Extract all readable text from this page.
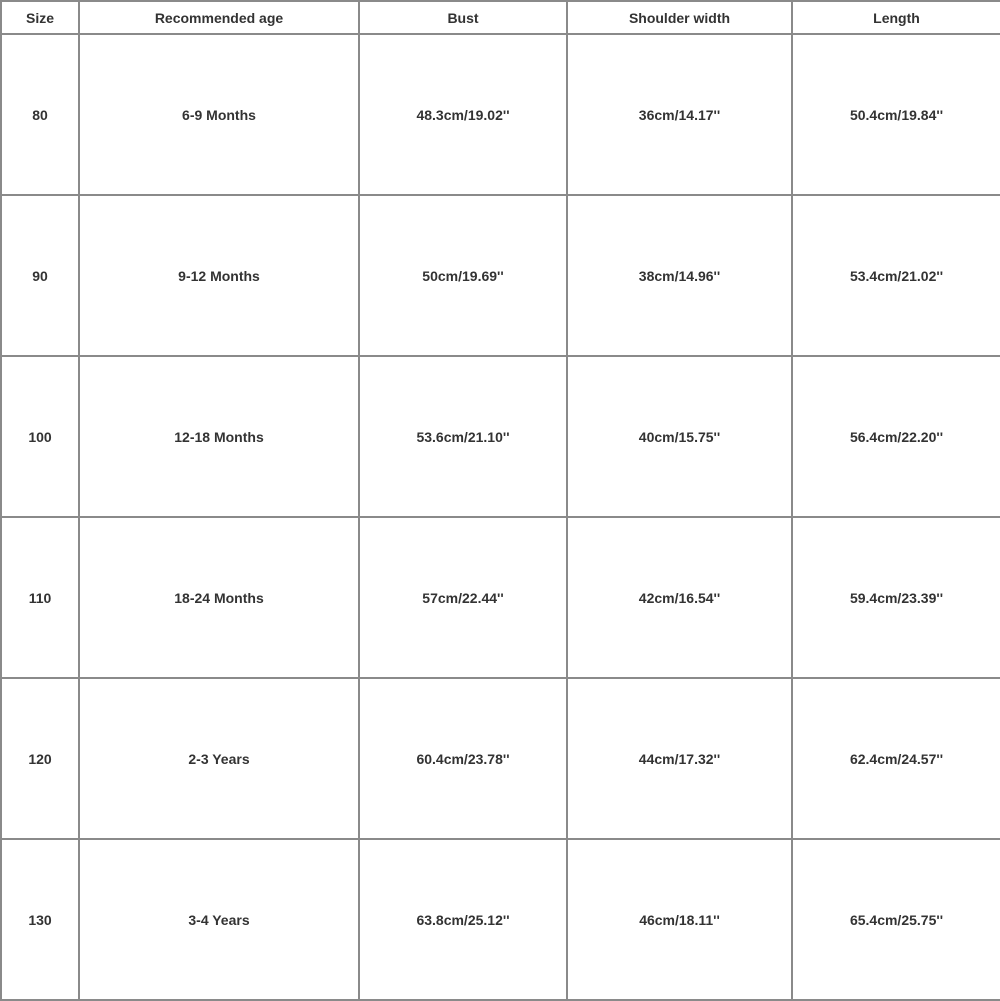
Size	Recommended age	Bust	Shoulder width	Length
80	6-9 Months	48.3cm/19.02''	36cm/14.17''	50.4cm/19.84''
90	9-12 Months	50cm/19.69''	38cm/14.96''	53.4cm/21.02''
100	12-18 Months	53.6cm/21.10''	40cm/15.75''	56.4cm/22.20''
110	18-24 Months	57cm/22.44''	42cm/16.54''	59.4cm/23.39''
120	2-3 Years	60.4cm/23.78''	44cm/17.32''	62.4cm/24.57''
130	3-4 Years	63.8cm/25.12''	46cm/18.11''	65.4cm/25.75''
